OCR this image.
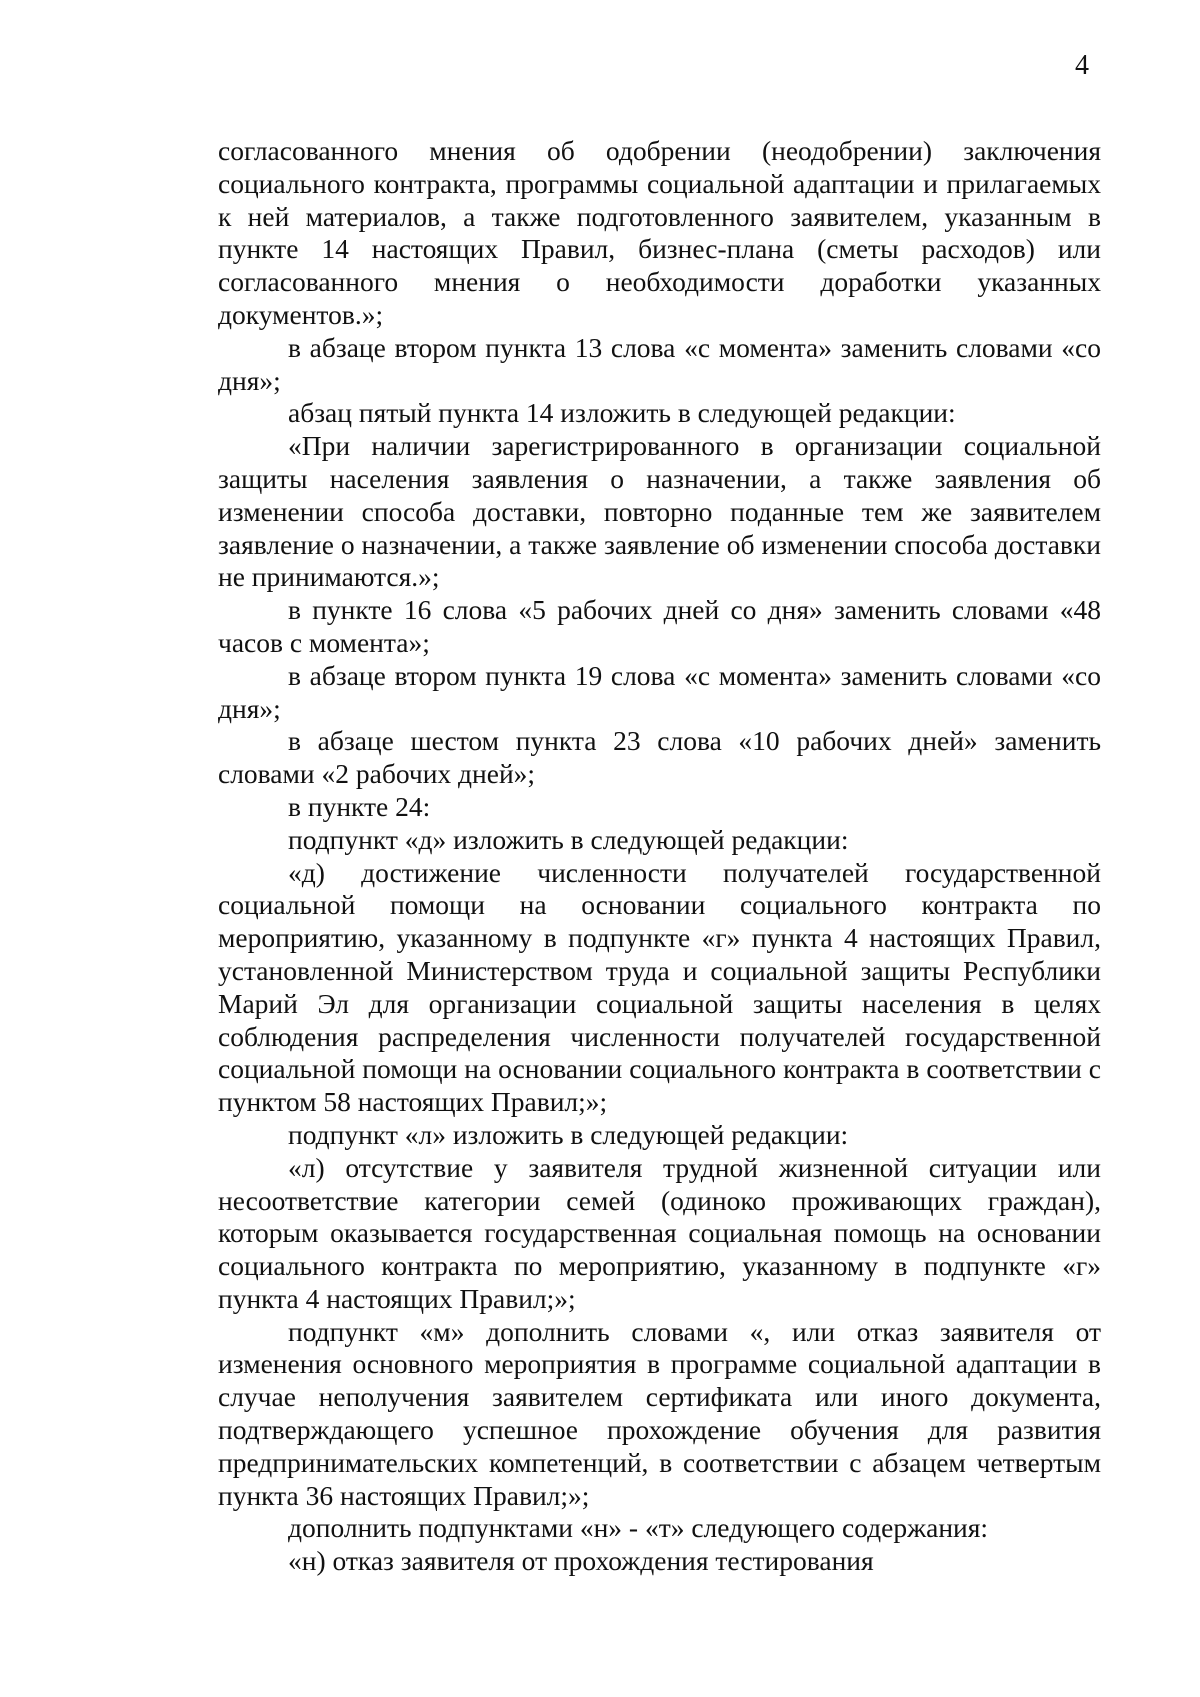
4

согласованного мнения об одобрении (неодобрении) заключения социального контракта, программы социальной адаптации и прилагаемых к ней материалов, а также подготовленного заявителем, указанным в пункте 14 настоящих Правил, бизнес-плана (сметы расходов) или согласованного мнения о необходимости доработки указанных документов.»;

в абзаце втором пункта 13 слова «с момента» заменить словами «со дня»;

абзац пятый пункта 14 изложить в следующей редакции:

«При наличии зарегистрированного в организации социальной защиты населения заявления о назначении, а также заявления об изменении способа доставки, повторно поданные тем же заявителем заявление о назначении, а также заявление об изменении способа доставки не принимаются.»;

в пункте 16 слова «5 рабочих дней со дня» заменить словами «48 часов с момента»;

в абзаце втором пункта 19 слова «с момента» заменить словами «со дня»;

в абзаце шестом пункта 23 слова «10 рабочих дней» заменить словами «2 рабочих дней»;

в пункте 24:

подпункт «д» изложить в следующей редакции:

«д) достижение численности получателей государственной социальной помощи на основании социального контракта по мероприятию, указанному в подпункте «г» пункта 4 настоящих Правил, установленной Министерством труда и социальной защиты Республики Марий Эл для организации социальной защиты населения в целях соблюдения распределения численности получателей государственной социальной помощи на основании социального контракта в соответствии с пунктом 58 настоящих Правил;»;

подпункт «л» изложить в следующей редакции:

«л) отсутствие у заявителя трудной жизненной ситуации или несоответствие категории семей (одиноко проживающих граждан), которым оказывается государственная социальная помощь на основании социального контракта по мероприятию, указанному в подпункте «г» пункта 4 настоящих Правил;»;

подпункт «м» дополнить словами «, или отказ заявителя от изменения основного мероприятия в программе социальной адаптации в случае неполучения заявителем сертификата или иного документа, подтверждающего успешное прохождение обучения для развития предпринимательских компетенций, в соответствии с абзацем четвертым пункта 36 настоящих Правил;»;

дополнить подпунктами «н» - «т» следующего содержания:

«н) отказ заявителя от прохождения тестирования
